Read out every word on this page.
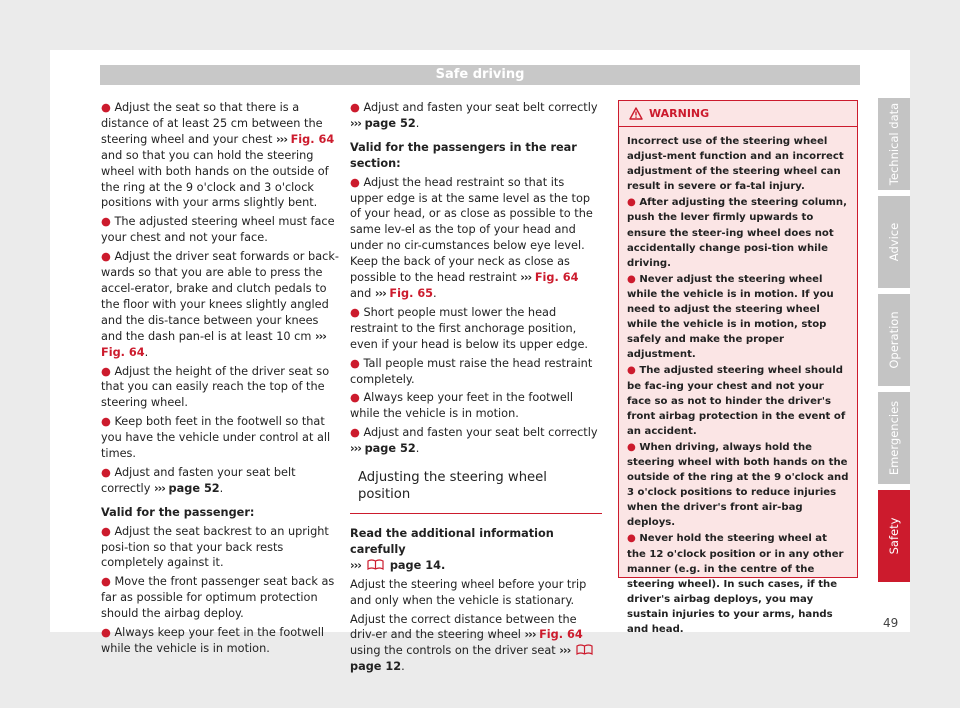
Safe driving

● Adjust the seat so that there is a distance of at least 25 cm between the steering wheel and your chest ››› Fig. 64 and so that you can hold the steering wheel with both hands on the outside of the ring at the 9 o'clock and 3 o'clock positions with your arms slightly bent.

● The adjusted steering wheel must face your chest and not your face.

● Adjust the driver seat forwards or back-wards so that you are able to press the accel-erator, brake and clutch pedals to the floor with your knees slightly angled and the dis-tance between your knees and the dash pan-el is at least 10 cm ››› Fig. 64.

● Adjust the height of the driver seat so that you can easily reach the top of the steering wheel.

● Keep both feet in the footwell so that you have the vehicle under control at all times.

● Adjust and fasten your seat belt correctly ››› page 52.

Valid for the passenger:

● Adjust the seat backrest to an upright posi-tion so that your back rests completely against it.

● Move the front passenger seat back as far as possible for optimum protection should the airbag deploy.

● Always keep your feet in the footwell while the vehicle is in motion.

● Adjust and fasten your seat belt correctly ››› page 52.

Valid for the passengers in the rear section:

● Adjust the head restraint so that its upper edge is at the same level as the top of your head, or as close as possible to the same lev-el as the top of your head and under no cir-cumstances below eye level. Keep the back of your neck as close as possible to the head restraint ››› Fig. 64 and ››› Fig. 65.

● Short people must lower the head restraint to the first anchorage position, even if your head is below its upper edge.

● Tall people must raise the head restraint completely.

● Always keep your feet in the footwell while the vehicle is in motion.

● Adjust and fasten your seat belt correctly ››› page 52.

Adjusting the steering wheel position

Read the additional information carefully
›››	page 14.

Adjust the steering wheel before your trip and only when the vehicle is stationary.

Adjust the correct distance between the driv-er and the steering wheel ››› Fig. 64 using the controls on the driver seat ›››  page 12.

WARNING

Incorrect use of the steering wheel adjust-ment function and an incorrect adjustment of the steering wheel can result in severe or fa-tal injury.

● After adjusting the steering column, push the lever firmly upwards to ensure the steer-ing wheel does not accidentally change posi-tion while driving.

● Never adjust the steering wheel while the vehicle is in motion. If you need to adjust the steering wheel while the vehicle is in motion, stop safely and make the proper adjustment.

● The adjusted steering wheel should be fac-ing your chest and not your face so as not to hinder the driver's front airbag protection in the event of an accident.

● When driving, always hold the steering wheel with both hands on the outside of the ring at the 9 o'clock and 3 o'clock positions to reduce injuries when the driver's front air-bag deploys.

● Never hold the steering wheel at the 12 o'clock position or in any other manner (e.g. in the centre of the steering wheel). In such cases, if the driver's airbag deploys, you may sustain injuries to your arms, hands and head.

Technical data
Advice
Operation
Emergencies
Safety
49
